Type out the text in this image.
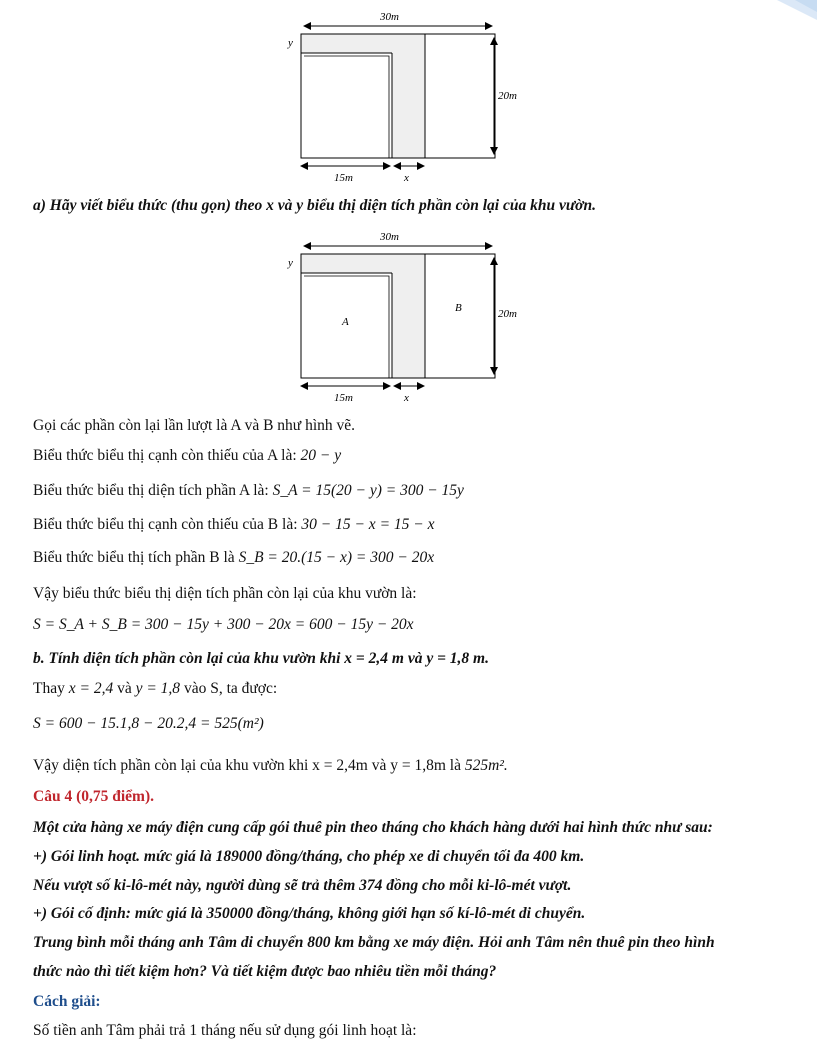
30m
y
20m
15m	x
a) Hãy viết biểu thức (thu gọn) theo x và y biểu thị diện tích phần còn lại của khu vườn.
30m
y
20m
A
B
15m	x
Gọi các phần còn lại lần lượt là A và B như hình vẽ.
Biểu thức biểu thị cạnh còn thiếu của A là: 20 − y
Biểu thức biểu thị diện tích phần A là: S_A = 15(20 − y) = 300 − 15y
Biểu thức biểu thị cạnh còn thiếu của B là: 30 − 15 − x = 15 − x
Biểu thức biểu thị tích phần B là S_B = 20.(15 − x) = 300 − 20x
Vậy biểu thức biểu thị diện tích phần còn lại của khu vườn là:
S = S_A + S_B = 300 − 15y + 300 − 20x = 600 − 15y − 20x
b. Tính diện tích phần còn lại của khu vườn khi x = 2,4 m và y = 1,8 m.
Thay x = 2,4 và y = 1,8 vào S, ta được:
S = 600 − 15.1,8 − 20.2,4 = 525(m²)
Vậy diện tích phần còn lại của khu vườn khi x = 2,4m và y = 1,8m là 525m².
Câu 4 (0,75 điểm).
Một cửa hàng xe máy điện cung cấp gói thuê pin theo tháng cho khách hàng dưới hai hình thức như sau:
+) Gói linh hoạt. mức giá là 189000 đồng/tháng, cho phép xe di chuyển tối đa 400 km.
Nếu vượt số ki-lô-mét này, người dùng sẽ trả thêm 374 đồng cho mỗi ki-lô-mét vượt.
+) Gói cố định: mức giá là 350000 đồng/tháng, không giới hạn số kí-lô-mét di chuyển.
Trung bình mỗi tháng anh Tâm di chuyển 800 km bằng xe máy điện. Hỏi anh Tâm nên thuê pin theo hình
thức nào thì tiết kiệm hơn? Và tiết kiệm được bao nhiêu tiền mỗi tháng?
Cách giải:
Số tiền anh Tâm phải trả 1 tháng nếu sử dụng gói linh hoạt là:
